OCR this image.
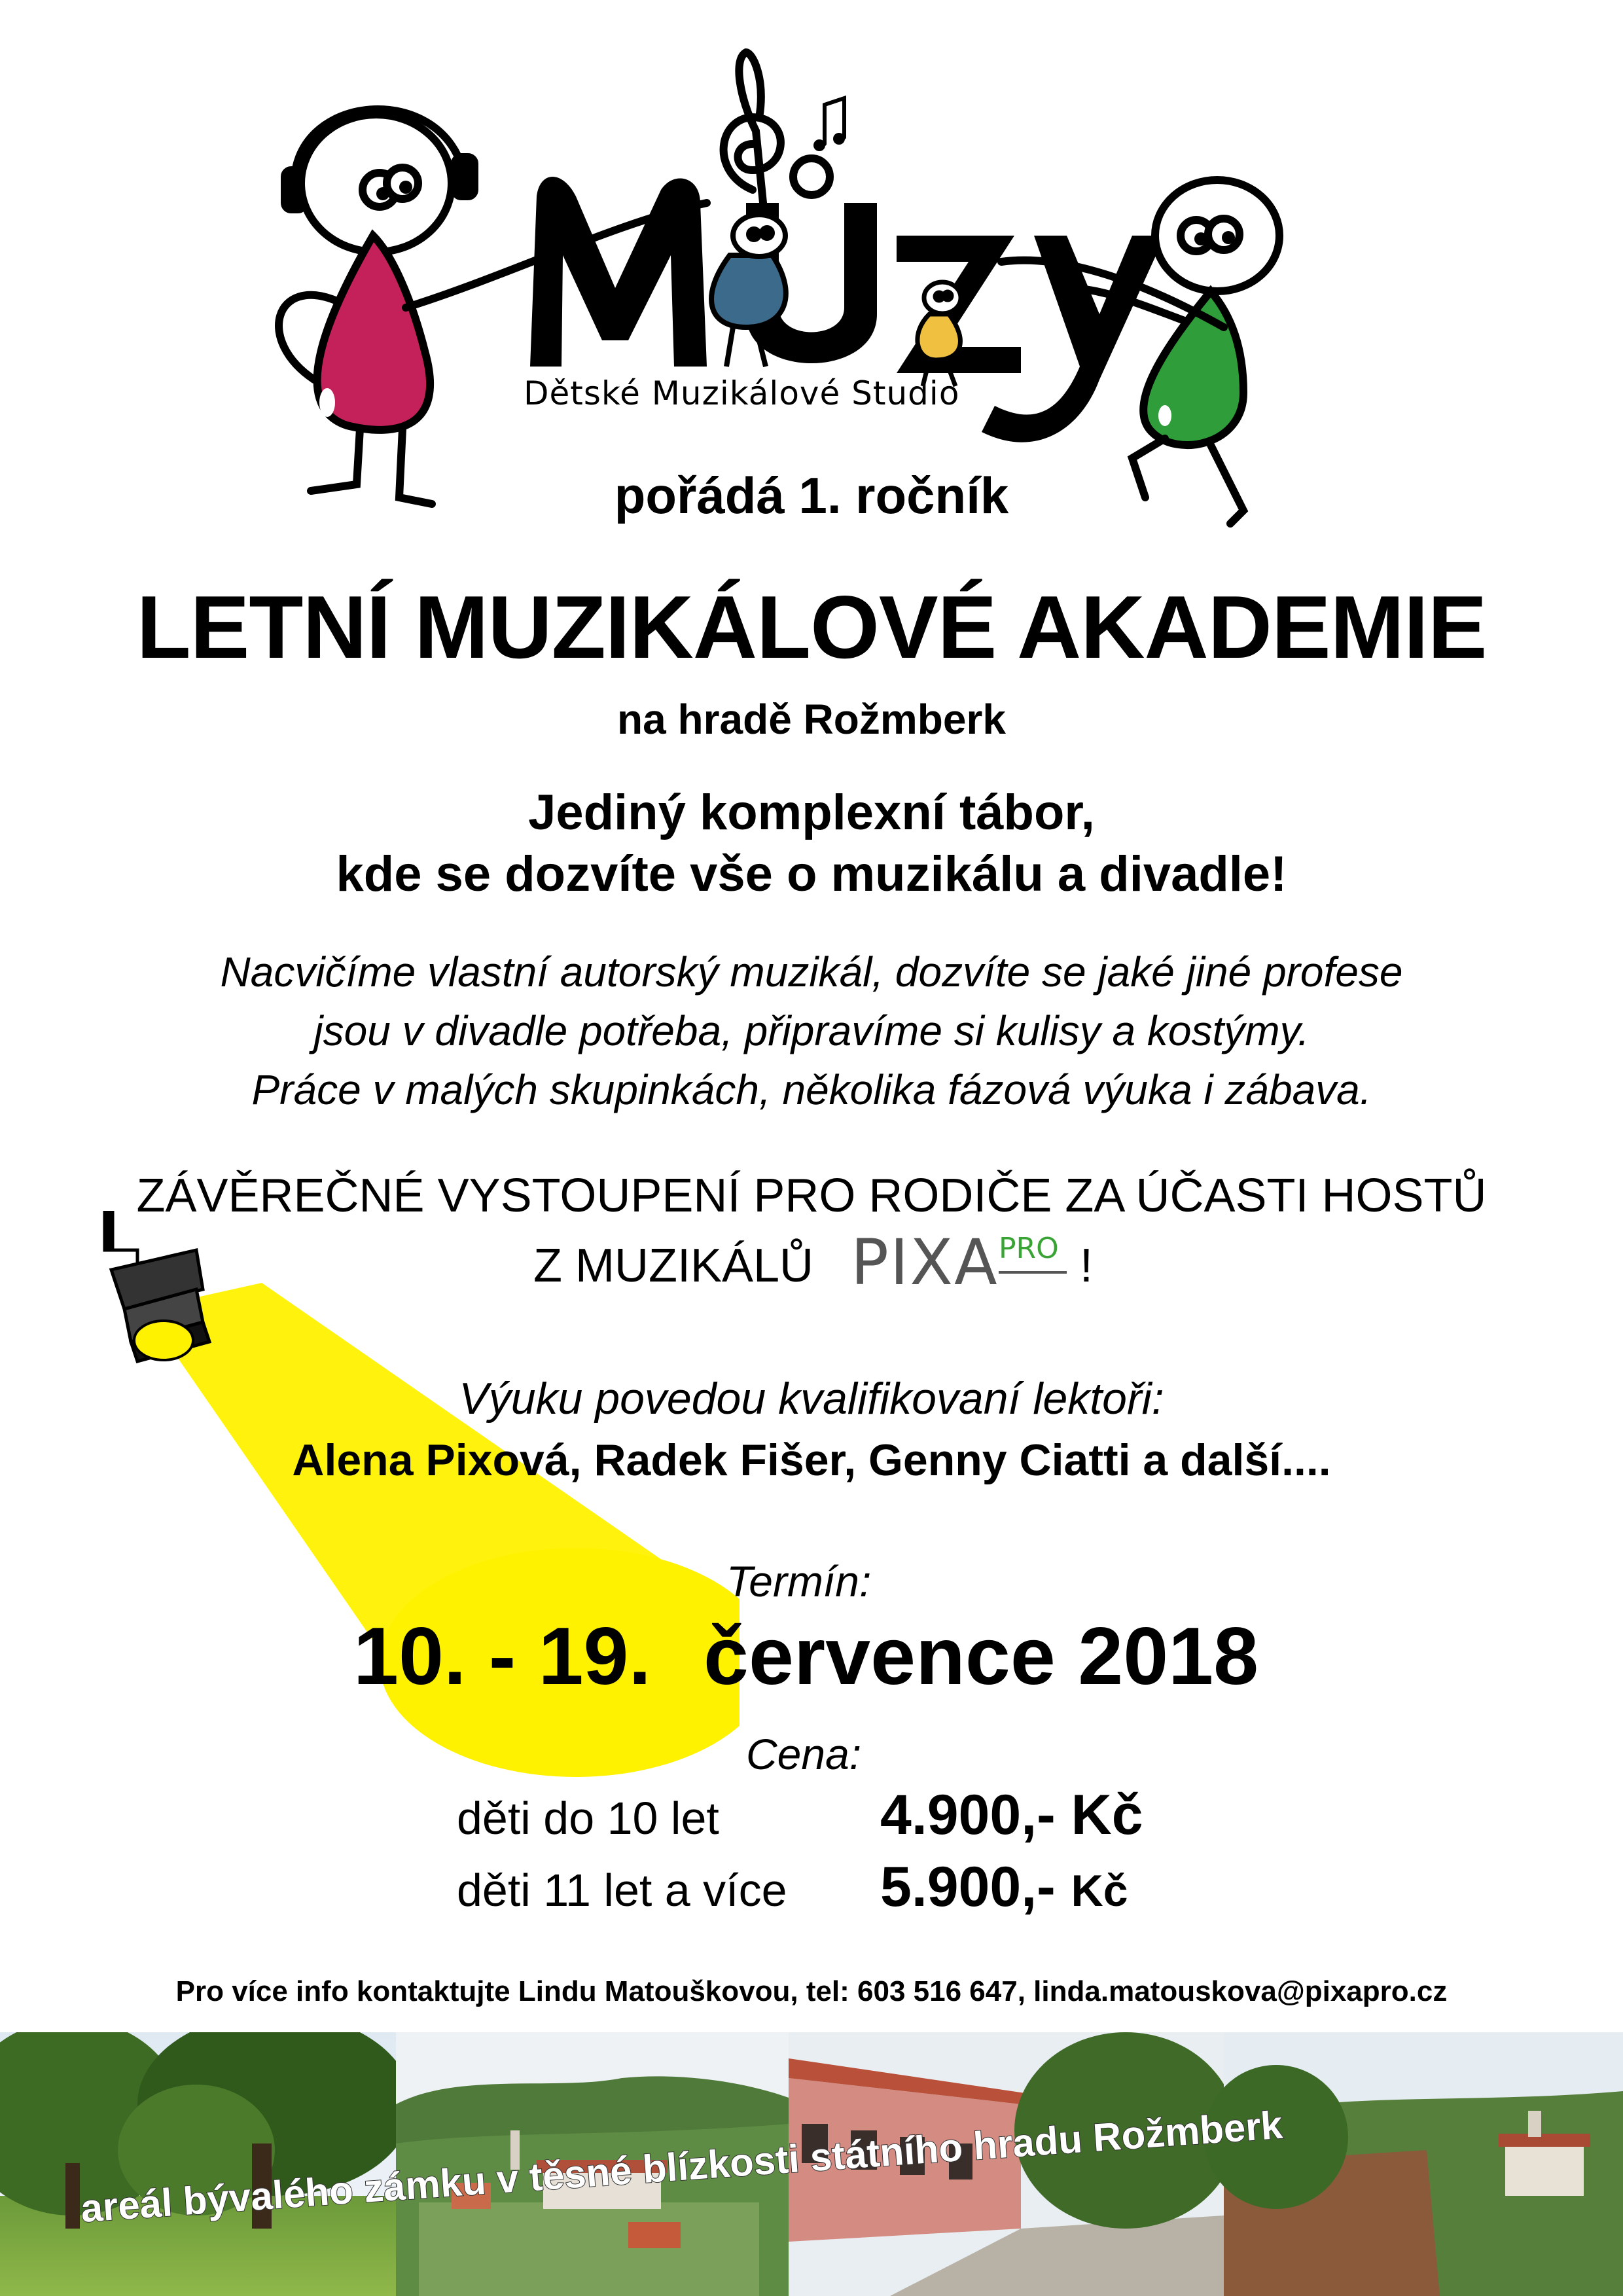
Dětské Muzikálové Studio
pořádá 1. ročník
LETNÍ MUZIKÁLOVÉ AKADEMIE
na hradě Rožmberk
Jediný komplexní tábor,
kde se dozvíte vše o muzikálu a divadle!
Nacvičíme vlastní autorský muzikál, dozvíte se jaké jiné profese
jsou v divadle potřeba, připravíme si kulisy a kostýmy.
Práce v malých skupinkách, několika fázová výuka i zábava.
ZÁVĚREČNÉ VYSTOUPENÍ PRO RODIČE ZA ÚČASTI HOSTŮ
Z MUZIKÁLŮ PIXA PRO !
Výuku povedou kvalifikovaní lektoři:
Alena Pixová, Radek Fišer, Genny Ciatti a další....
Termín:
10. - 19. července 2018
Cena:
děti do 10 let	4.900,- Kč
děti 11 let a více 5.900,- Kč
Pro více info kontaktujte Lindu Matouškovou, tel: 603 516 647, linda.matouskova@pixapro.cz
areál bývalého zámku v těsné blízkosti státního hradu Rožmberk
